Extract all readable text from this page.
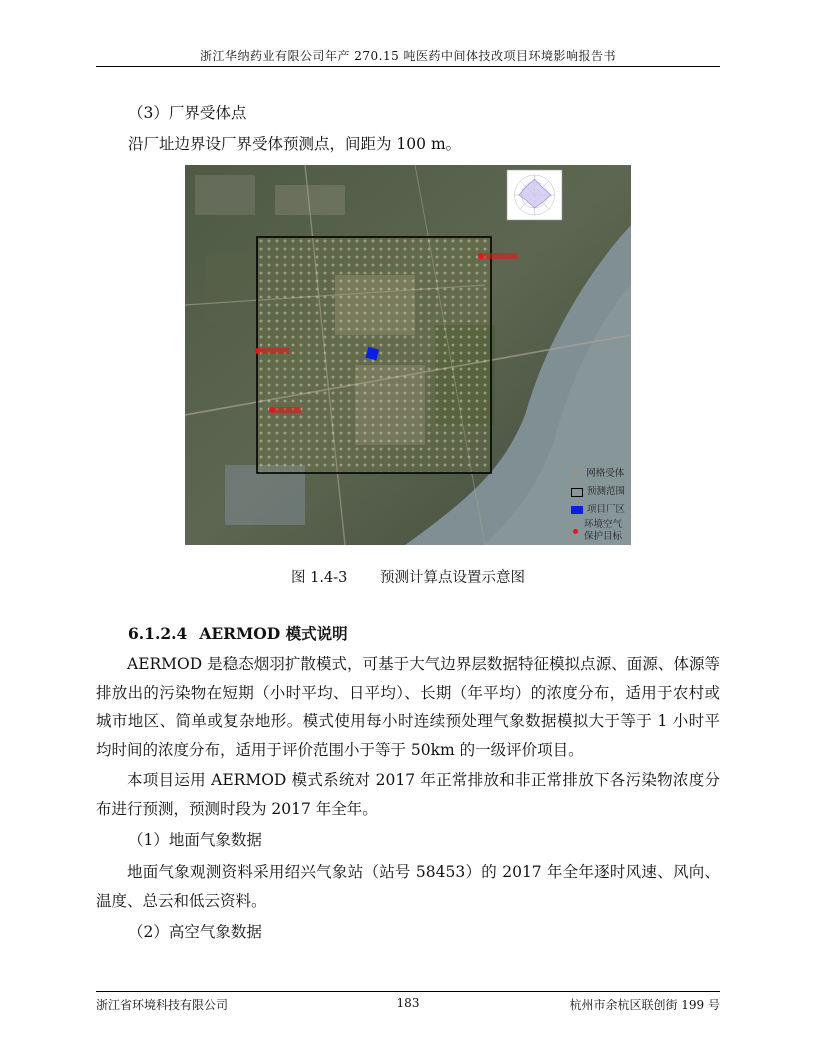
浙江华纳药业有限公司年产 270.15 吨医药中间体技改项目环境影响报告书
（3）厂界受体点
沿厂址边界设厂界受体预测点，间距为 100 m。
+ 网格受体
预测范围
项目厂区
环境空气
保护目标
图 1.4-3 预测计算点设置示意图
6.1.2.4 AERMOD 模式说明
AERMOD 是稳态烟羽扩散模式，可基于大气边界层数据特征模拟点源、面源、体源等排放出的污染物在短期（小时平均、日平均）、长期（年平均）的浓度分布，适用于农村或城市地区、简单或复杂地形。模式使用每小时连续预处理气象数据模拟大于等于 1 小时平均时间的浓度分布，适用于评价范围小于等于 50km 的一级评价项目。
本项目运用 AERMOD 模式系统对 2017 年正常排放和非正常排放下各污染物浓度分布进行预测，预测时段为 2017 年全年。
（1）地面气象数据
地面气象观测资料采用绍兴气象站（站号 58453）的 2017 年全年逐时风速、风向、温度、总云和低云资料。
（2）高空气象数据
浙江省环境科技有限公司	183	杭州市余杭区联创街 199 号
